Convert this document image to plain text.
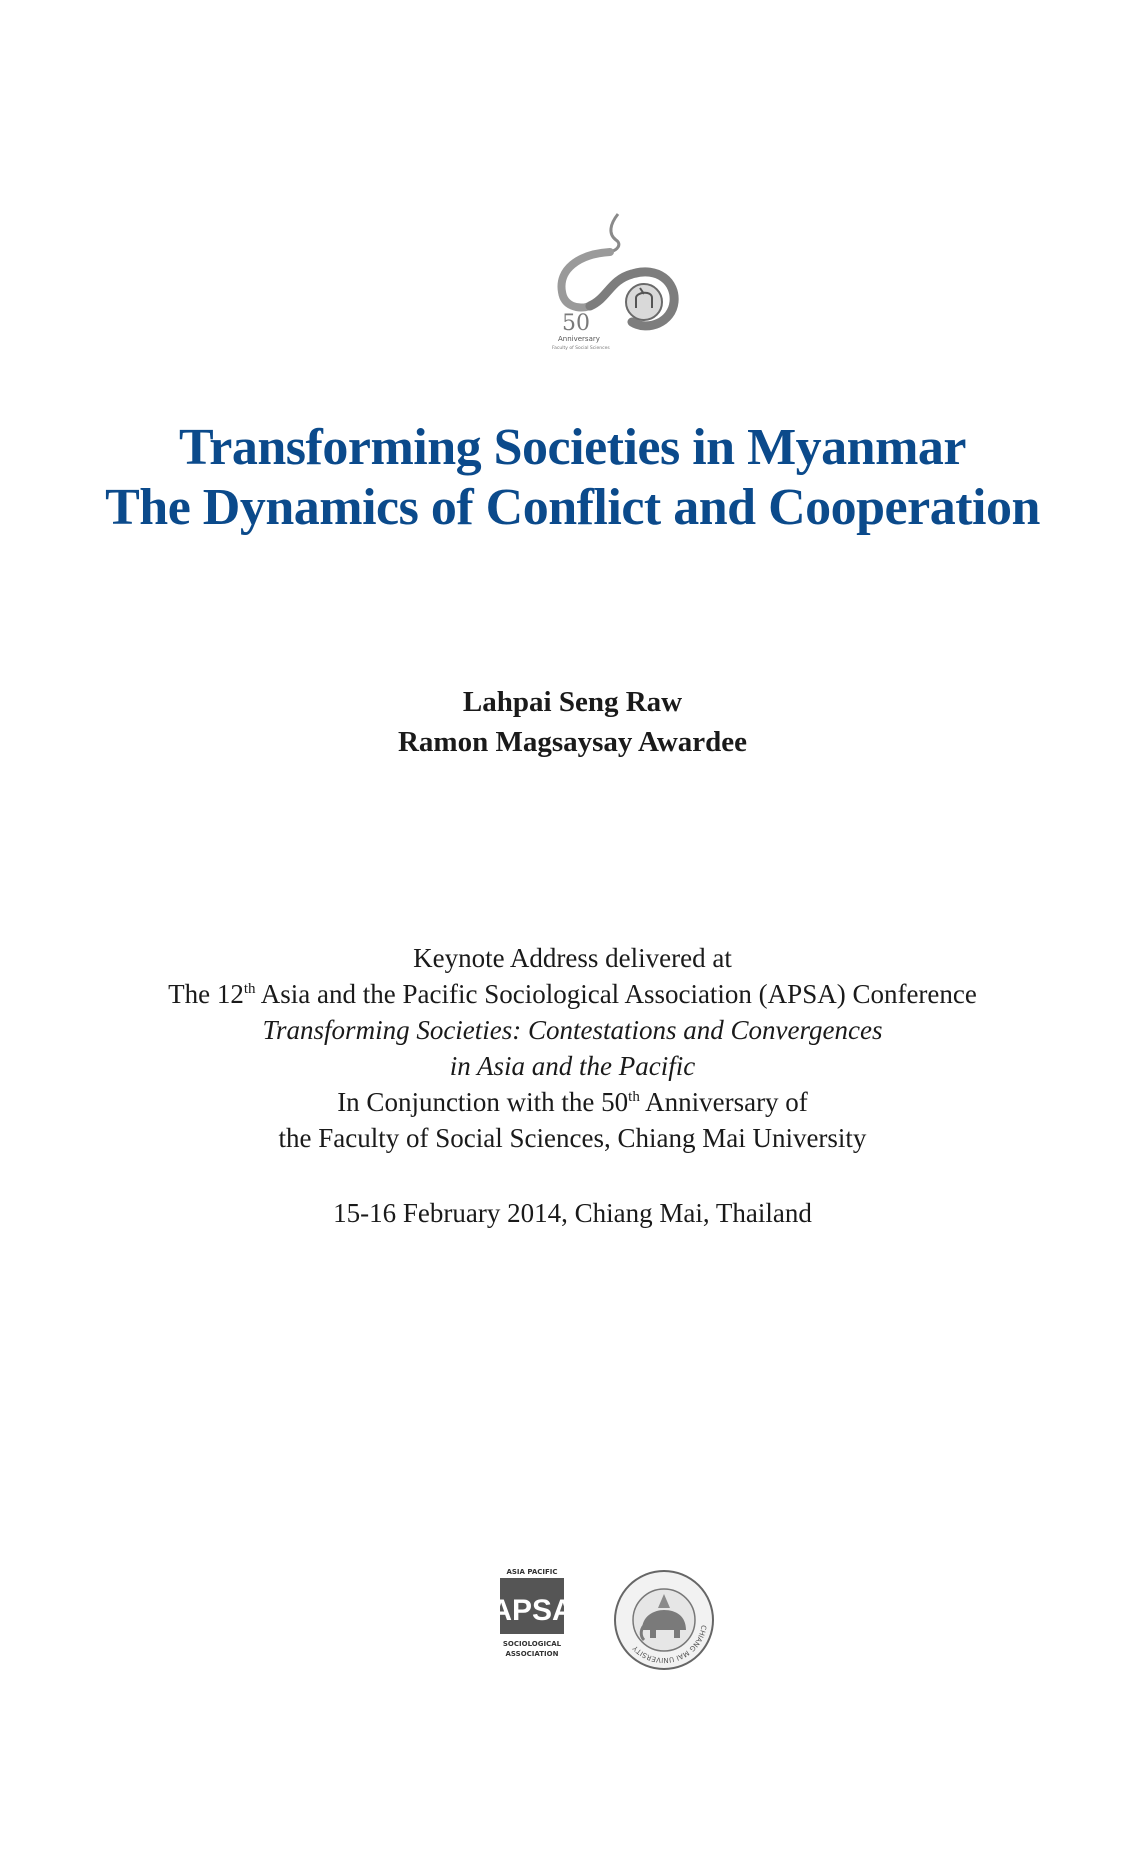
50
Anniversary
Faculty of Social Sciences
Transforming Societies in Myanmar
The Dynamics of Conflict and Cooperation
Lahpai Seng Raw
Ramon Magsaysay Awardee
Keynote Address delivered at
The 12th Asia and the Pacific Sociological Association (APSA) Conference
Transforming Societies: Contestations and Convergences
in Asia and the Pacific
In Conjunction with the 50th Anniversary of
the Faculty of Social Sciences, Chiang Mai University
15-16 February 2014, Chiang Mai, Thailand
ASIA PACIFIC
APSA
SOCIOLOGICAL
ASSOCIATION
CHIANG MAI UNIVERSITY
